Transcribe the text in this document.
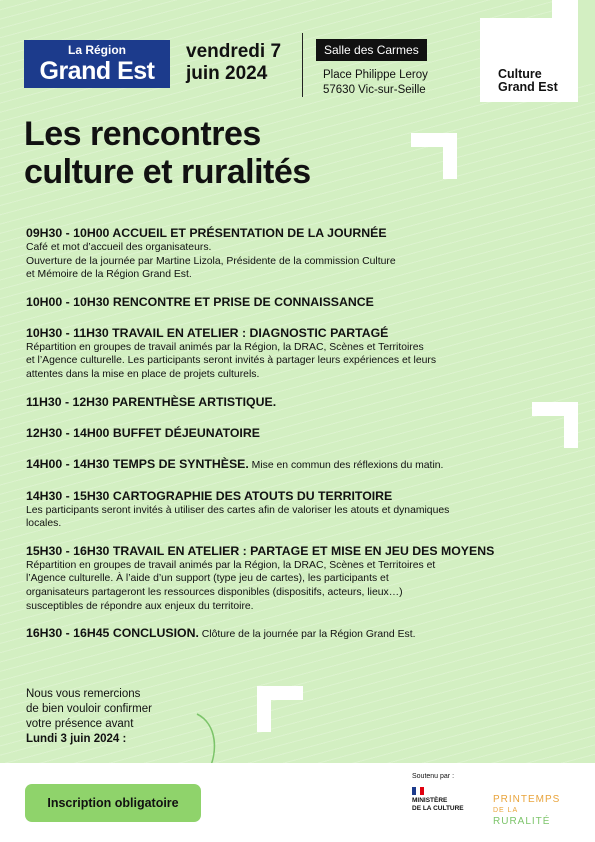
La Région
Grand Est
vendredi 7
juin 2024
Salle des Carmes
Place Philippe Leroy
57630 Vic-sur-Seille
Culture
Grand Est
Les rencontres
culture et ruralités
09H30 - 10H00 ACCUEIL ET PRÉSENTATION DE LA JOURNÉE
Café et mot d’accueil des organisateurs.
Ouverture de la journée par Martine Lizola, Présidente de la commission Culture
et Mémoire de la Région Grand Est.
10H00 - 10H30 RENCONTRE ET PRISE DE CONNAISSANCE
10H30 - 11H30 TRAVAIL EN ATELIER : DIAGNOSTIC PARTAGÉ
Répartition en groupes de travail animés par la Région, la DRAC, Scènes et Territoires
et l’Agence culturelle. Les participants seront invités à partager leurs expériences et leurs
attentes dans la mise en place de projets culturels.
11H30 - 12H30 PARENTHÈSE ARTISTIQUE.
12H30 - 14H00 BUFFET DÉJEUNATOIRE
14H00 - 14H30 TEMPS DE SYNTHÈSE. Mise en commun des réflexions du matin.
14H30 - 15H30 CARTOGRAPHIE DES ATOUTS DU TERRITOIRE
Les participants seront invités à utiliser des cartes afin de valoriser les atouts et dynamiques
locales.
15H30 - 16H30 TRAVAIL EN ATELIER : PARTAGE ET MISE EN JEU DES MOYENS
Répartition en groupes de travail animés par la Région, la DRAC, Scènes et Territoires et
l’Agence culturelle. À l’aide d’un support (type jeu de cartes), les participants et
organisateurs partageront les ressources disponibles (dispositifs, acteurs, lieux…)
susceptibles de répondre aux enjeux du territoire.
16H30 - 16H45 CONCLUSION. Clôture de la journée par la Région Grand Est.
Nous vous remercions
de bien vouloir confirmer
votre présence avant
Lundi 3 juin 2024 :
Inscription obligatoire
Soutenu par :
MINISTÈRE
DE LA CULTURE
PRINTEMPS
DE LA
RURALITÉ
